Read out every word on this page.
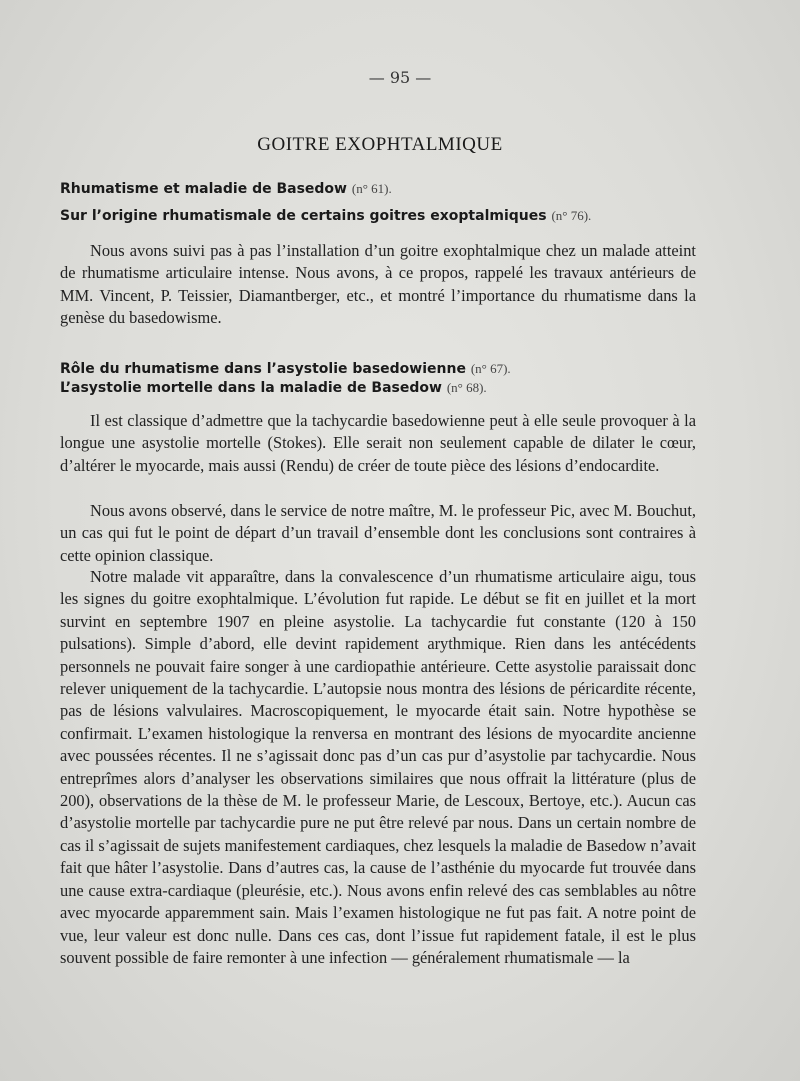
— 95 —
GOITRE EXOPHTALMIQUE
Rhumatisme et maladie de Basedow (n° 61).
Sur l’origine rhumatismale de certains goitres exoptalmiques (n° 76).

Nous avons suivi pas à pas l’installation d’un goitre exophtalmique chez un malade atteint de rhumatisme articulaire intense. Nous avons, à ce propos, rappelé les travaux antérieurs de MM. Vincent, P. Teissier, Diamantberger, etc., et montré l’importance du rhumatisme dans la genèse du basedowisme.

Rôle du rhumatisme dans l’asystolie basedowienne (n° 67).
L’asystolie mortelle dans la maladie de Basedow (n° 68).

Il est classique d’admettre que la tachycardie basedowienne peut à elle seule provoquer à la longue une asystolie mortelle (Stokes). Elle serait non seulement capable de dilater le cœur, d’altérer le myocarde, mais aussi (Rendu) de créer de toute pièce des lésions d’endocardite.

Nous avons observé, dans le service de notre maître, M. le professeur Pic, avec M. Bouchut, un cas qui fut le point de départ d’un travail d’ensemble dont les conclusions sont contraires à cette opinion classique.

Notre malade vit apparaître, dans la convalescence d’un rhumatisme articulaire aigu, tous les signes du goitre exophtalmique. L’évolution fut rapide. Le début se fit en juillet et la mort survint en septembre 1907 en pleine asystolie. La tachycardie fut constante (120 à 150 pulsations). Simple d’abord, elle devint rapidement arythmique. Rien dans les antécédents personnels ne pouvait faire songer à une cardiopathie antérieure. Cette asystolie paraissait donc relever uniquement de la tachycardie. L’autopsie nous montra des lésions de péricardite récente, pas de lésions valvulaires. Macroscopiquement, le myocarde était sain. Notre hypothèse se confirmait. L’examen histologique la renversa en montrant des lésions de myocardite ancienne avec poussées récentes. Il ne s’agissait donc pas d’un cas pur d’asystolie par tachycardie. Nous entreprîmes alors d’analyser les observations similaires que nous offrait la littérature (plus de 200), observations de la thèse de M. le professeur Marie, de Lescoux, Bertoye, etc.). Aucun cas d’asystolie mortelle par tachycardie pure ne put être relevé par nous. Dans un certain nombre de cas il s’agissait de sujets manifestement cardiaques, chez lesquels la maladie de Basedow n’avait fait que hâter l’asystolie. Dans d’autres cas, la cause de l’asthénie du myocarde fut trouvée dans une cause extra-cardiaque (pleurésie, etc.). Nous avons enfin relevé des cas semblables au nôtre avec myocarde apparemment sain. Mais l’examen histologique ne fut pas fait. A notre point de vue, leur valeur est donc nulle. Dans ces cas, dont l’issue fut rapidement fatale, il est le plus souvent possible de faire remonter à une infection — généralement rhumatismale — la
